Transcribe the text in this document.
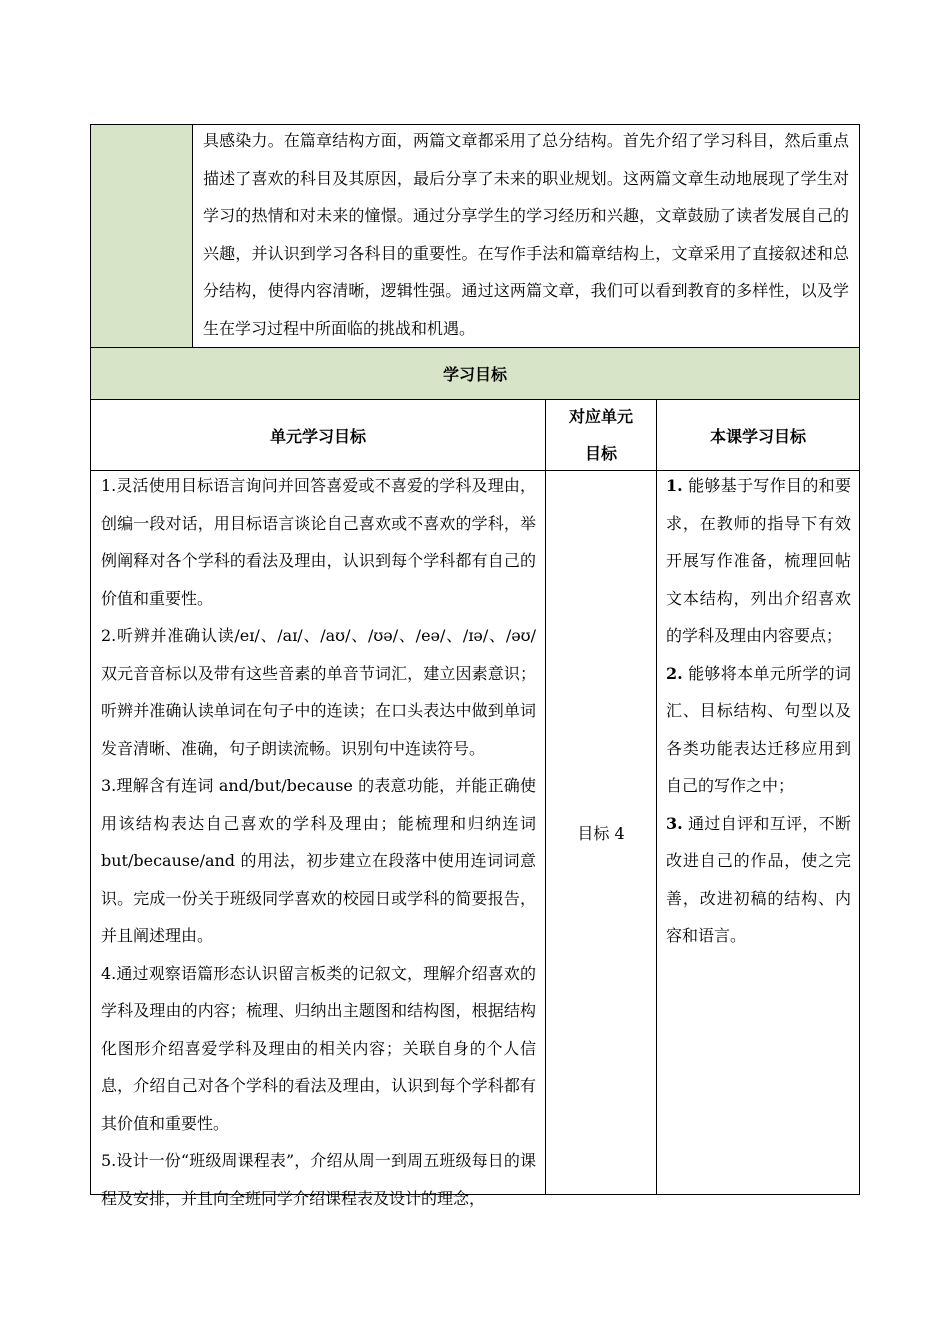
具感染力。在篇章结构方面，两篇文章都采用了总分结构。首先介绍了学习科目，然后重点描述了喜欢的科目及其原因，最后分享了未来的职业规划。这两篇文章生动地展现了学生对学习的热情和对未来的憧憬。通过分享学生的学习经历和兴趣，文章鼓励了读者发展自己的兴趣，并认识到学习各科目的重要性。在写作手法和篇章结构上，文章采用了直接叙述和总分结构，使得内容清晰，逻辑性强。通过这两篇文章，我们可以看到教育的多样性，以及学生在学习过程中所面临的挑战和机遇。

学习目标
单元学习目标
对应单元目标
本课学习目标

1.灵活使用目标语言询问并回答喜爱或不喜爱的学科及理由，创编一段对话，用目标语言谈论自己喜欢或不喜欢的学科，举例阐释对各个学科的看法及理由，认识到每个学科都有自己的价值和重要性。

2.听辨并准确认读/eɪ/、/aɪ/、/aʊ/、/ʊə/、/eə/、/ɪə/、/əʊ/双元音音标以及带有这些音素的单音节词汇，建立因素意识；听辨并准确认读单词在句子中的连读；在口头表达中做到单词发音清晰、准确，句子朗读流畅。识别句中连读符号。

3.理解含有连词 and/but/because 的表意功能，并能正确使用该结构表达自己喜欢的学科及理由；能梳理和归纳连词 but/because/and 的用法，初步建立在段落中使用连词词意识。完成一份关于班级同学喜欢的校园日或学科的简要报告，并且阐述理由。

4.通过观察语篇形态认识留言板类的记叙文，理解介绍喜欢的学科及理由的内容；梳理、归纳出主题图和结构图，根据结构化图形介绍喜爱学科及理由的相关内容；关联自身的个人信息，介绍自己对各个学科的看法及理由，认识到每个学科都有其价值和重要性。

5.设计一份“班级周课程表”，介绍从周一到周五班级每日的课程及安排，并且向全班同学介绍课程表及设计的理念，

目标 4

1. 能够基于写作目的和要求，在教师的指导下有效开展写作准备，梳理回帖文本结构，列出介绍喜欢的学科及理由内容要点；

2. 能够将本单元所学的词汇、目标结构、句型以及各类功能表达迁移应用到自己的写作之中；

3. 通过自评和互评，不断改进自己的作品，使之完善，改进初稿的结构、内容和语言。
